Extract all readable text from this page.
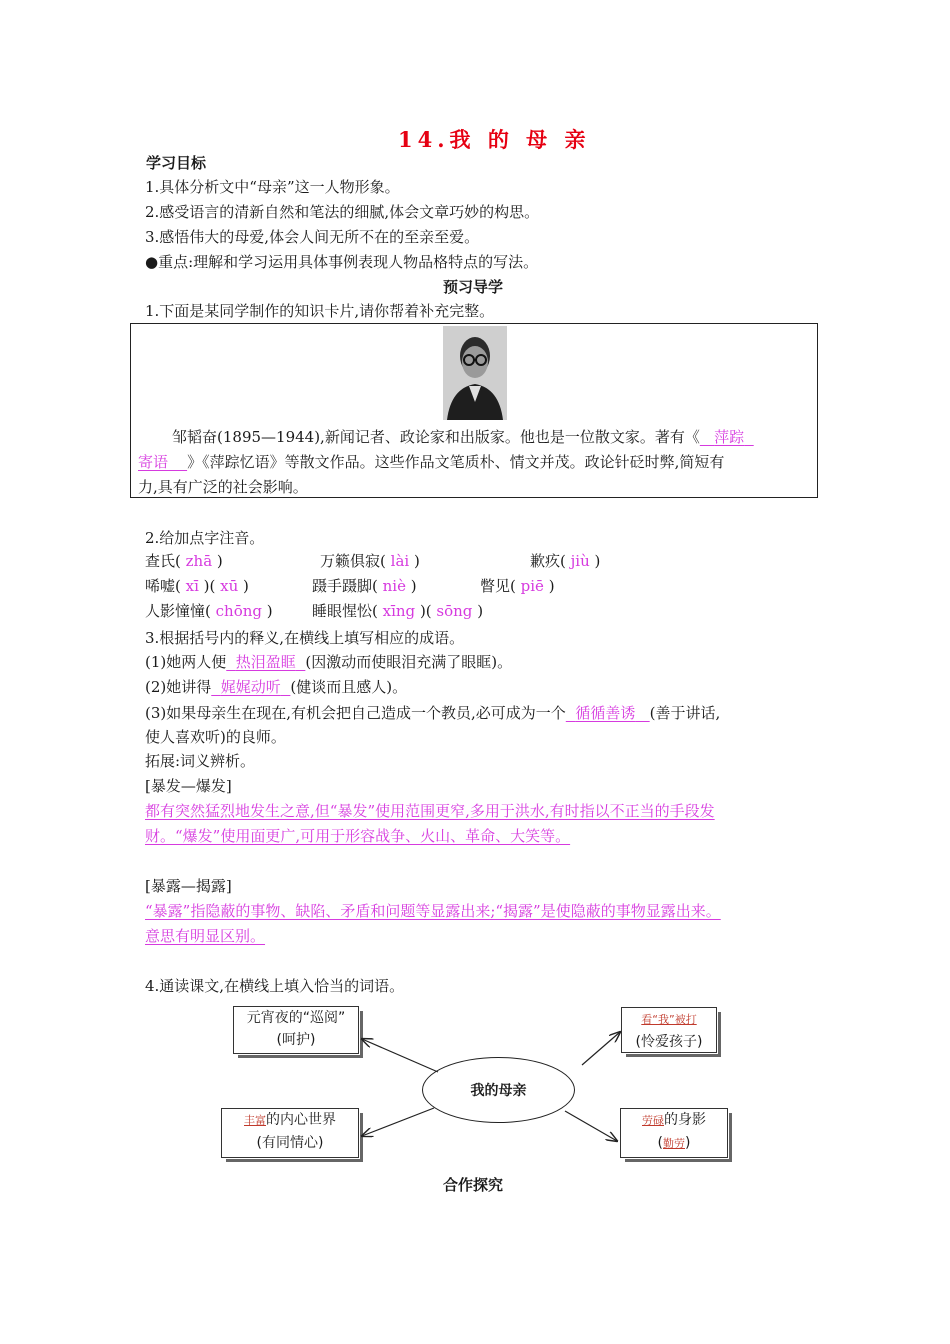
14.我 的 母 亲
学习目标
1.具体分析文中“母亲”这一人物形象。
2.感受语言的清新自然和笔法的细腻,体会文章巧妙的构思。
3.感悟伟大的母爱,体会人间无所不在的至亲至爱。
●重点:理解和学习运用具体事例表现人物品格特点的写法。
预习导学
1.下面是某同学制作的知识卡片,请你帮着补充完整。
邹韬奋(1895—1944),新闻记者、政论家和出版家。他也是一位散文家。著有《 萍踪
寄语 》《萍踪忆语》等散文作品。这些作品文笔质朴、情文并茂。政论针砭时弊,简短有
力,具有广泛的社会影响。
2.给加点字注音。
查氏( zhā )	万籁俱寂( lài )	歉疚( jiù )
唏嘘( xī )( xū )	蹑手蹑脚( niè )	瞥见( piē )
人影憧憧( chōng )	睡眼惺忪( xīng )( sōng )
3.根据括号内的释义,在横线上填写相应的成语。
(1)她两人便 热泪盈眶 (因激动而使眼泪充满了眼眶)。
(2)她讲得 娓娓动听 (健谈而且感人)。
(3)如果母亲生在现在,有机会把自己造成一个教员,必可成为一个 循循善诱 (善于讲话,
使人喜欢听)的良师。
拓展:词义辨析。
[暴发—爆发]
都有突然猛烈地发生之意,但“暴发”使用范围更窄,多用于洪水,有时指以不正当的手段发
财。“爆发”使用面更广,可用于形容战争、火山、革命、大笑等。
[暴露—揭露]
“暴露”指隐蔽的事物、缺陷、矛盾和问题等显露出来;“揭露”是使隐蔽的事物显露出来。
意思有明显区别。
4.通读课文,在横线上填入恰当的词语。
我的母亲
元宵夜的“巡阅”
(呵护)
看“我”被打
(怜爱孩子)
丰富的内心世界
(有同情心)
劳碌的身影
(勤劳)
合作探究
